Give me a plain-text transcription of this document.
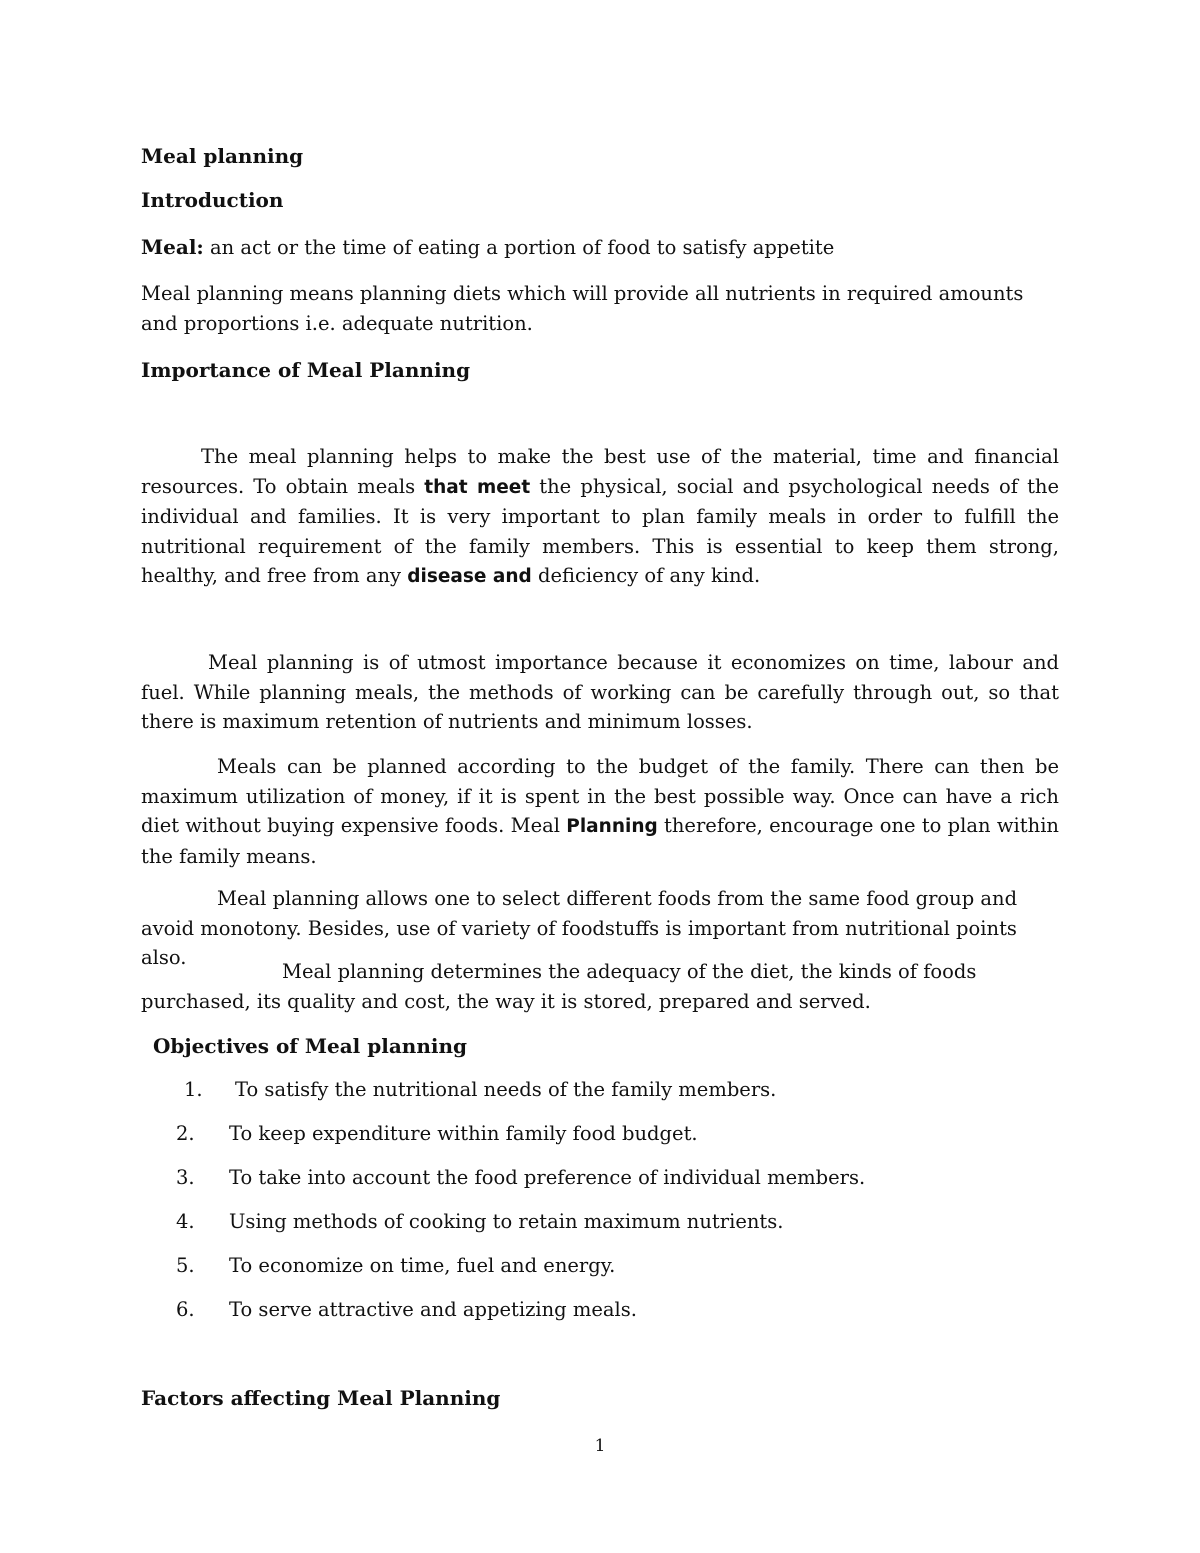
Meal planning
Introduction
Meal: an act or the time of eating a portion of food to satisfy appetite
Meal planning means planning diets which will provide all nutrients in required amounts and proportions i.e. adequate nutrition.
Importance of Meal Planning
The meal planning helps to make the best use of the material, time and financial resources. To obtain meals that meet the physical, social and psychological needs of the individual and families. It is very important to plan family meals in order to fulfill the nutritional requirement of the family members. This is essential to keep them strong, healthy, and free from any disease and deficiency of any kind.
Meal planning is of utmost importance because it economizes on time, labour and fuel. While planning meals, the methods of working can be carefully through out, so that there is maximum retention of nutrients and minimum losses.
Meals can be planned according to the budget of the family. There can then be maximum utilization of money, if it is spent in the best possible way. Once can have a rich diet without buying expensive foods. Meal Planning therefore, encourage one to plan within the family means.
Meal planning allows one to select different foods from the same food group and avoid monotony. Besides, use of variety of foodstuffs is important from nutritional points also.
Meal planning determines the adequacy of the diet, the kinds of foods purchased, its quality and cost, the way it is stored, prepared and served.
Objectives of Meal planning
1. To satisfy the nutritional needs of the family members.
2. To keep expenditure within family food budget.
3. To take into account the food preference of individual members.
4. Using methods of cooking to retain maximum nutrients.
5. To economize on time, fuel and energy.
6. To serve attractive and appetizing meals.
Factors affecting Meal Planning
1
